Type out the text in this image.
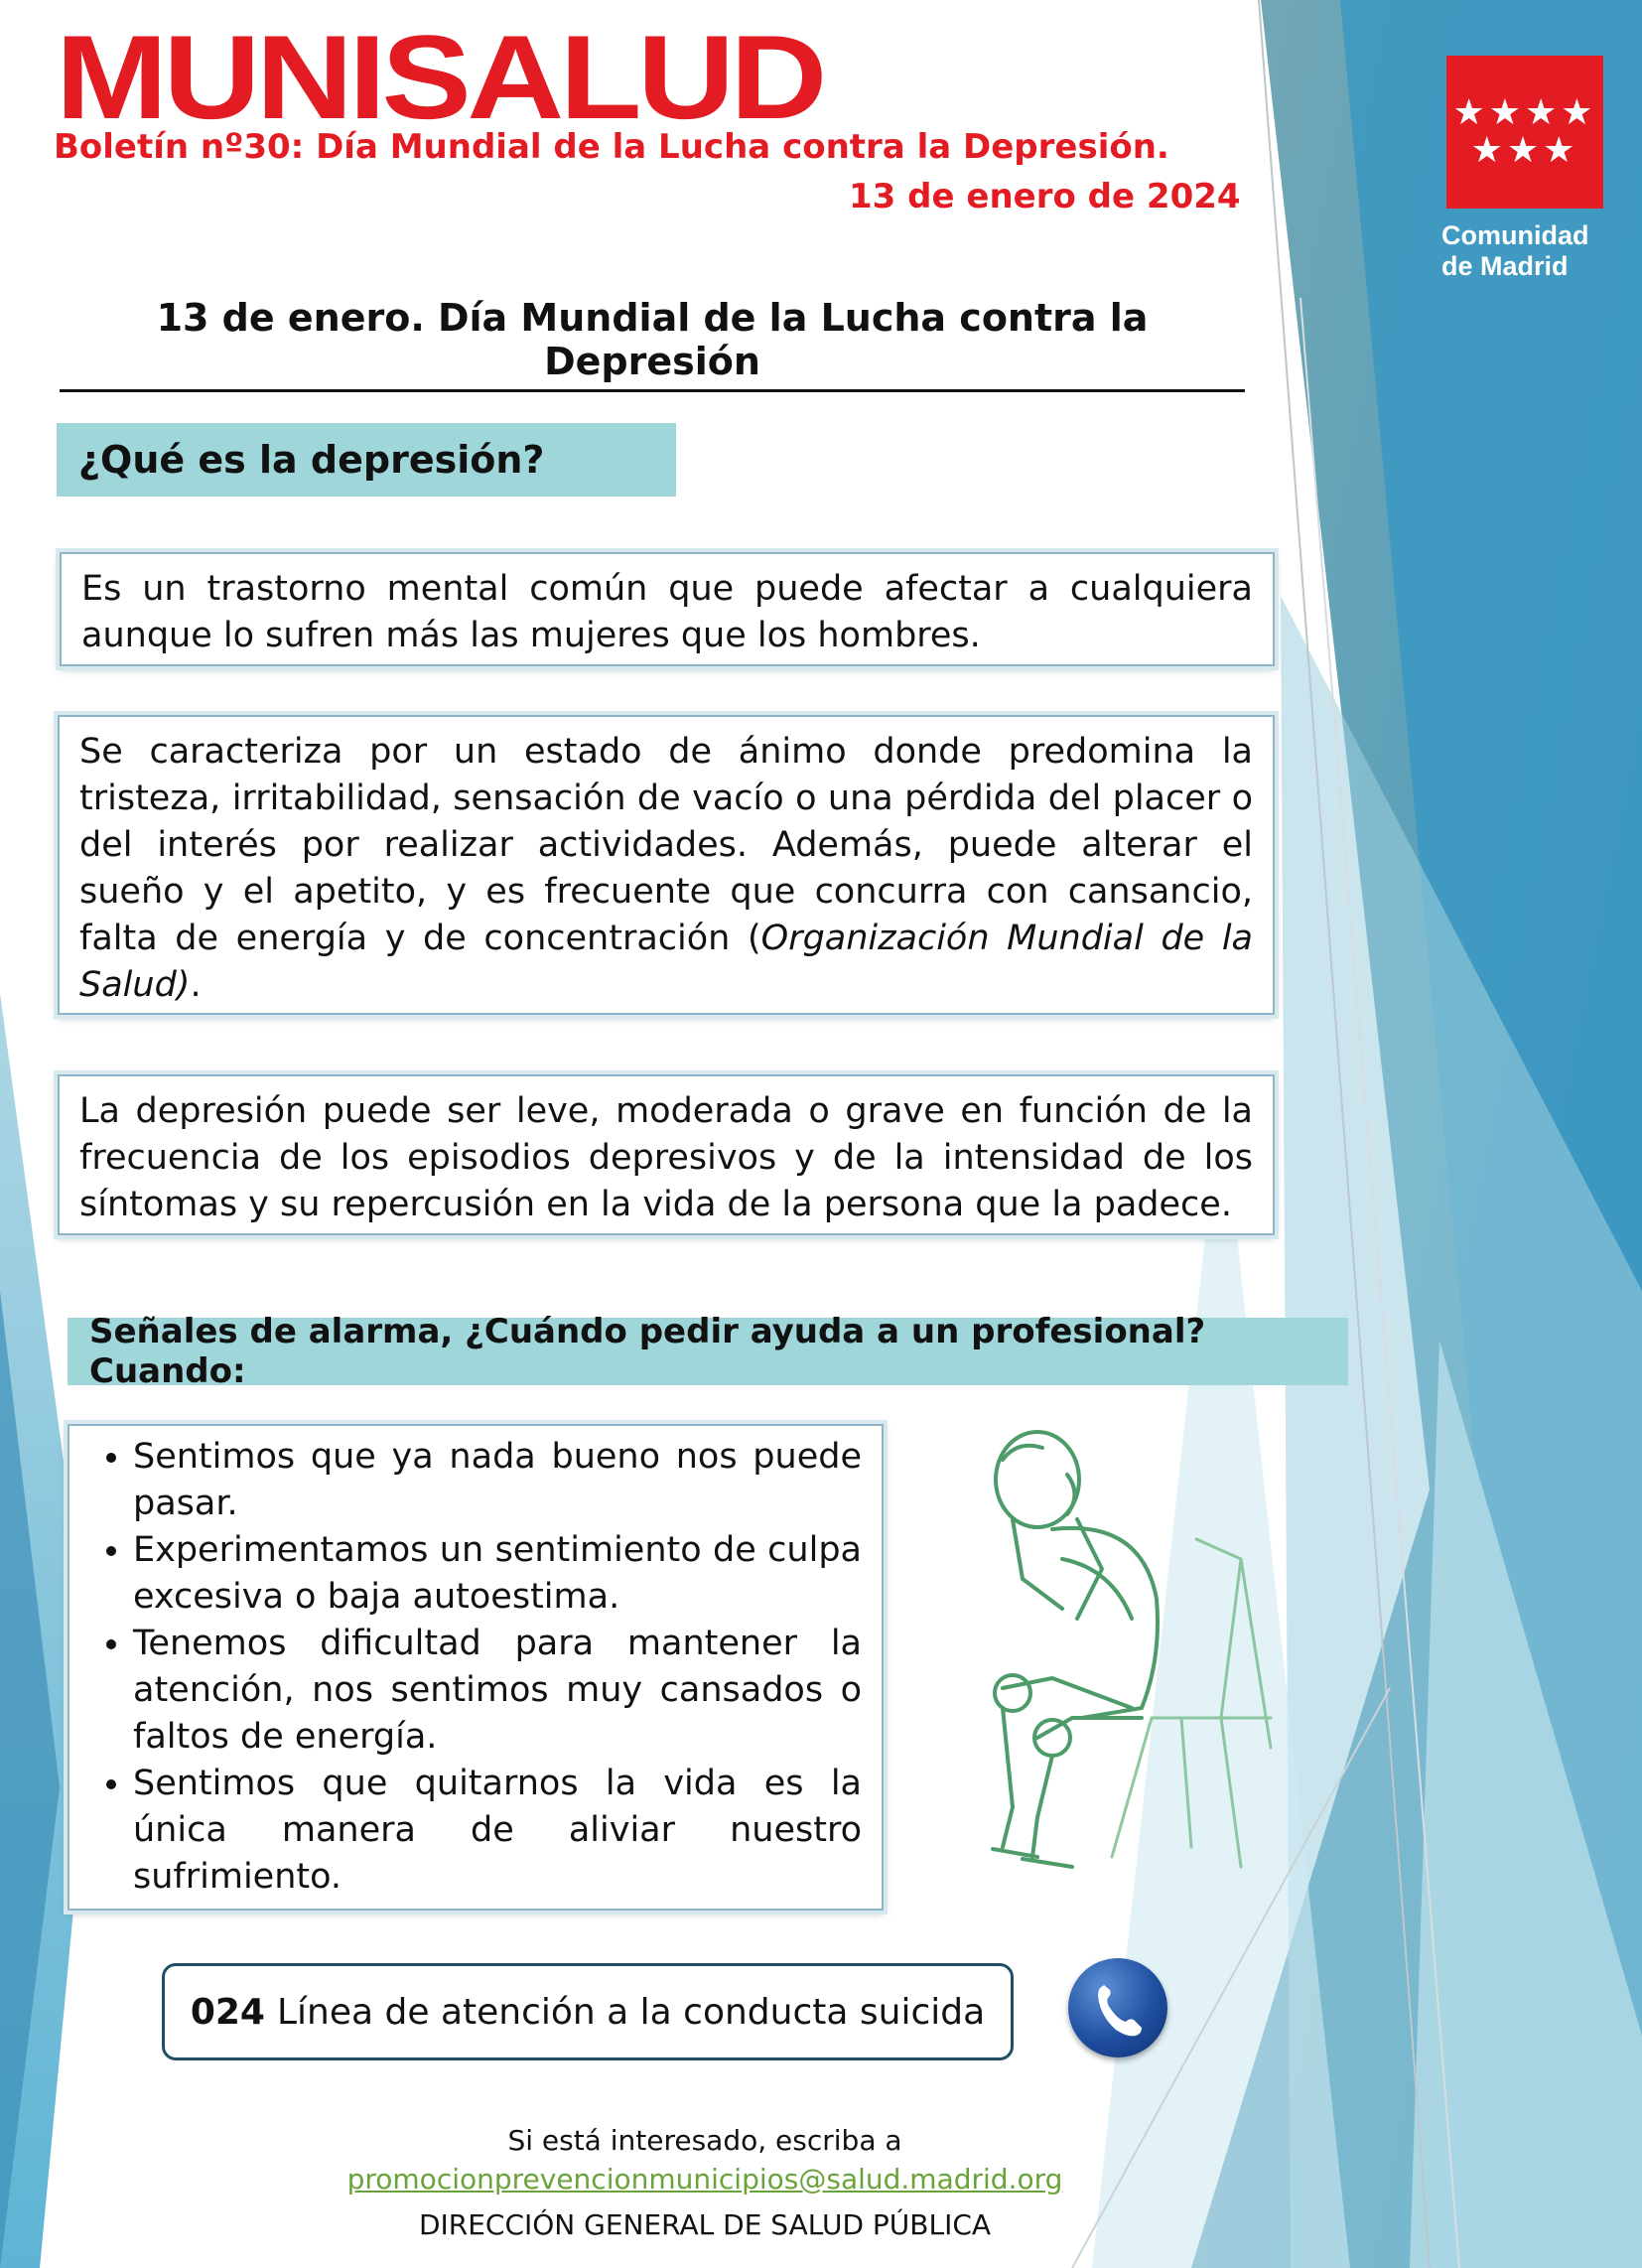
MUNISALUD
Boletín nº30: Día Mundial de la Lucha contra la Depresión.
13 de enero de 2024
★★★★
★★★
Comunidad
de Madrid
13 de enero. Día Mundial de la Lucha contra la Depresión
¿Qué es la depresión?
Es un trastorno mental común que puede afectar a cualquiera aunque lo sufren más las mujeres que los hombres.
Se caracteriza por un estado de ánimo donde predomina la tristeza, irritabilidad, sensación de vacío o una pérdida del placer o del interés por realizar actividades. Además, puede alterar el sueño y el apetito, y es frecuente que concurra con cansancio, falta de energía y de concentración (Organización Mundial de la Salud).
La depresión puede ser leve, moderada o grave en función de la frecuencia de los episodios depresivos y de la intensidad de los síntomas y su repercusión en la vida de la persona que la padece.
Señales de alarma, ¿Cuándo pedir ayuda a un profesional? Cuando:
• Sentimos que ya nada bueno nos puede pasar.
• Experimentamos un sentimiento de culpa excesiva o baja autoestima.
• Tenemos dificultad para mantener la atención, nos sentimos muy cansados o faltos de energía.
• Sentimos que quitarnos la vida es la única manera de aliviar nuestro sufrimiento.
024 Línea de atención a la conducta suicida
Si está interesado, escriba a
promocionprevencionmunicipios@salud.madrid.org
DIRECCIÓN GENERAL DE SALUD PÚBLICA
